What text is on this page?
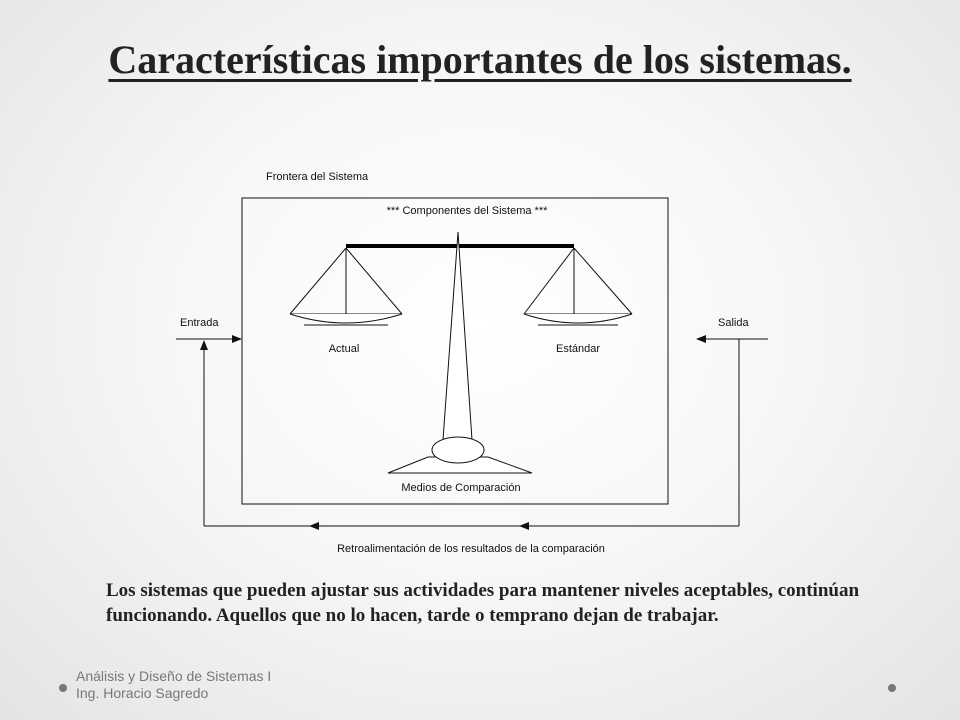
Características importantes de los sistemas.
Frontera del Sistema
*** Componentes del Sistema ***
Medios de Comparación
Actual	Estándar
Entrada	Salida
Retroalimentación de los resultados de la comparación

Los sistemas que pueden ajustar sus actividades para mantener niveles aceptables, continúan funcionando. Aquellos que no lo hacen, tarde o temprano dejan de trabajar.

Análisis y Diseño de Sistemas I
Ing. Horacio Sagredo
